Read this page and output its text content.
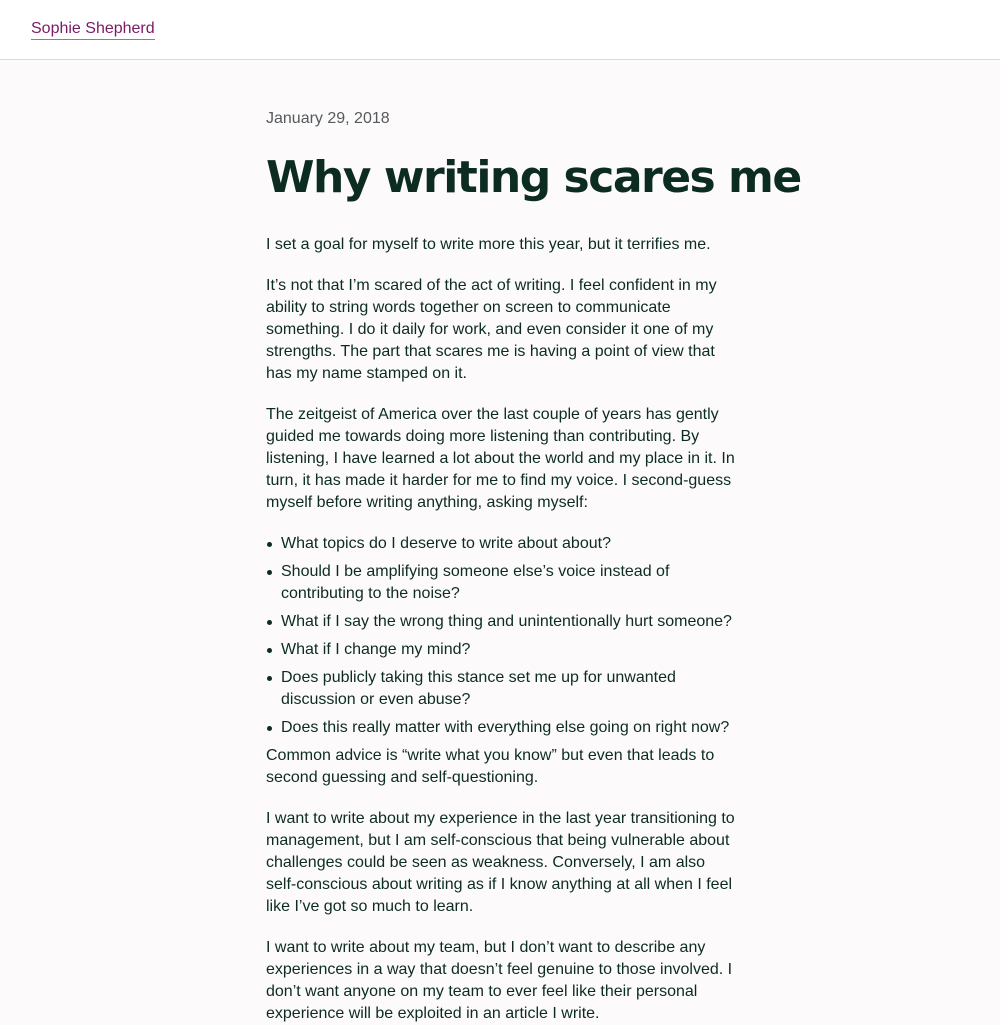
Sophie Shepherd

January 29, 2018

Why writing scares me

I set a goal for myself to write more this year, but it terrifies me.

It’s not that I’m scared of the act of writing. I feel confident in my ability to string words together on screen to communicate something. I do it daily for work, and even consider it one of my strengths. The part that scares me is having a point of view that has my name stamped on it.

The zeitgeist of America over the last couple of years has gently guided me towards doing more listening than contributing. By listening, I have learned a lot about the world and my place in it. In turn, it has made it harder for me to find my voice. I second-guess myself before writing anything, asking myself:

What topics do I deserve to write about about?
Should I be amplifying someone else’s voice instead of contributing to the noise?
What if I say the wrong thing and unintentionally hurt someone?
What if I change my mind?
Does publicly taking this stance set me up for unwanted discussion or even abuse?
Does this really matter with everything else going on right now?

Common advice is “write what you know” but even that leads to second guessing and self-questioning.

I want to write about my experience in the last year transitioning to management, but I am self-conscious that being vulnerable about challenges could be seen as weakness. Conversely, I am also self-conscious about writing as if I know anything at all when I feel like I’ve got so much to learn.

I want to write about my team, but I don’t want to describe any experiences in a way that doesn’t feel genuine to those involved. I don’t want anyone on my team to ever feel like their personal experience will be exploited in an article I write.
